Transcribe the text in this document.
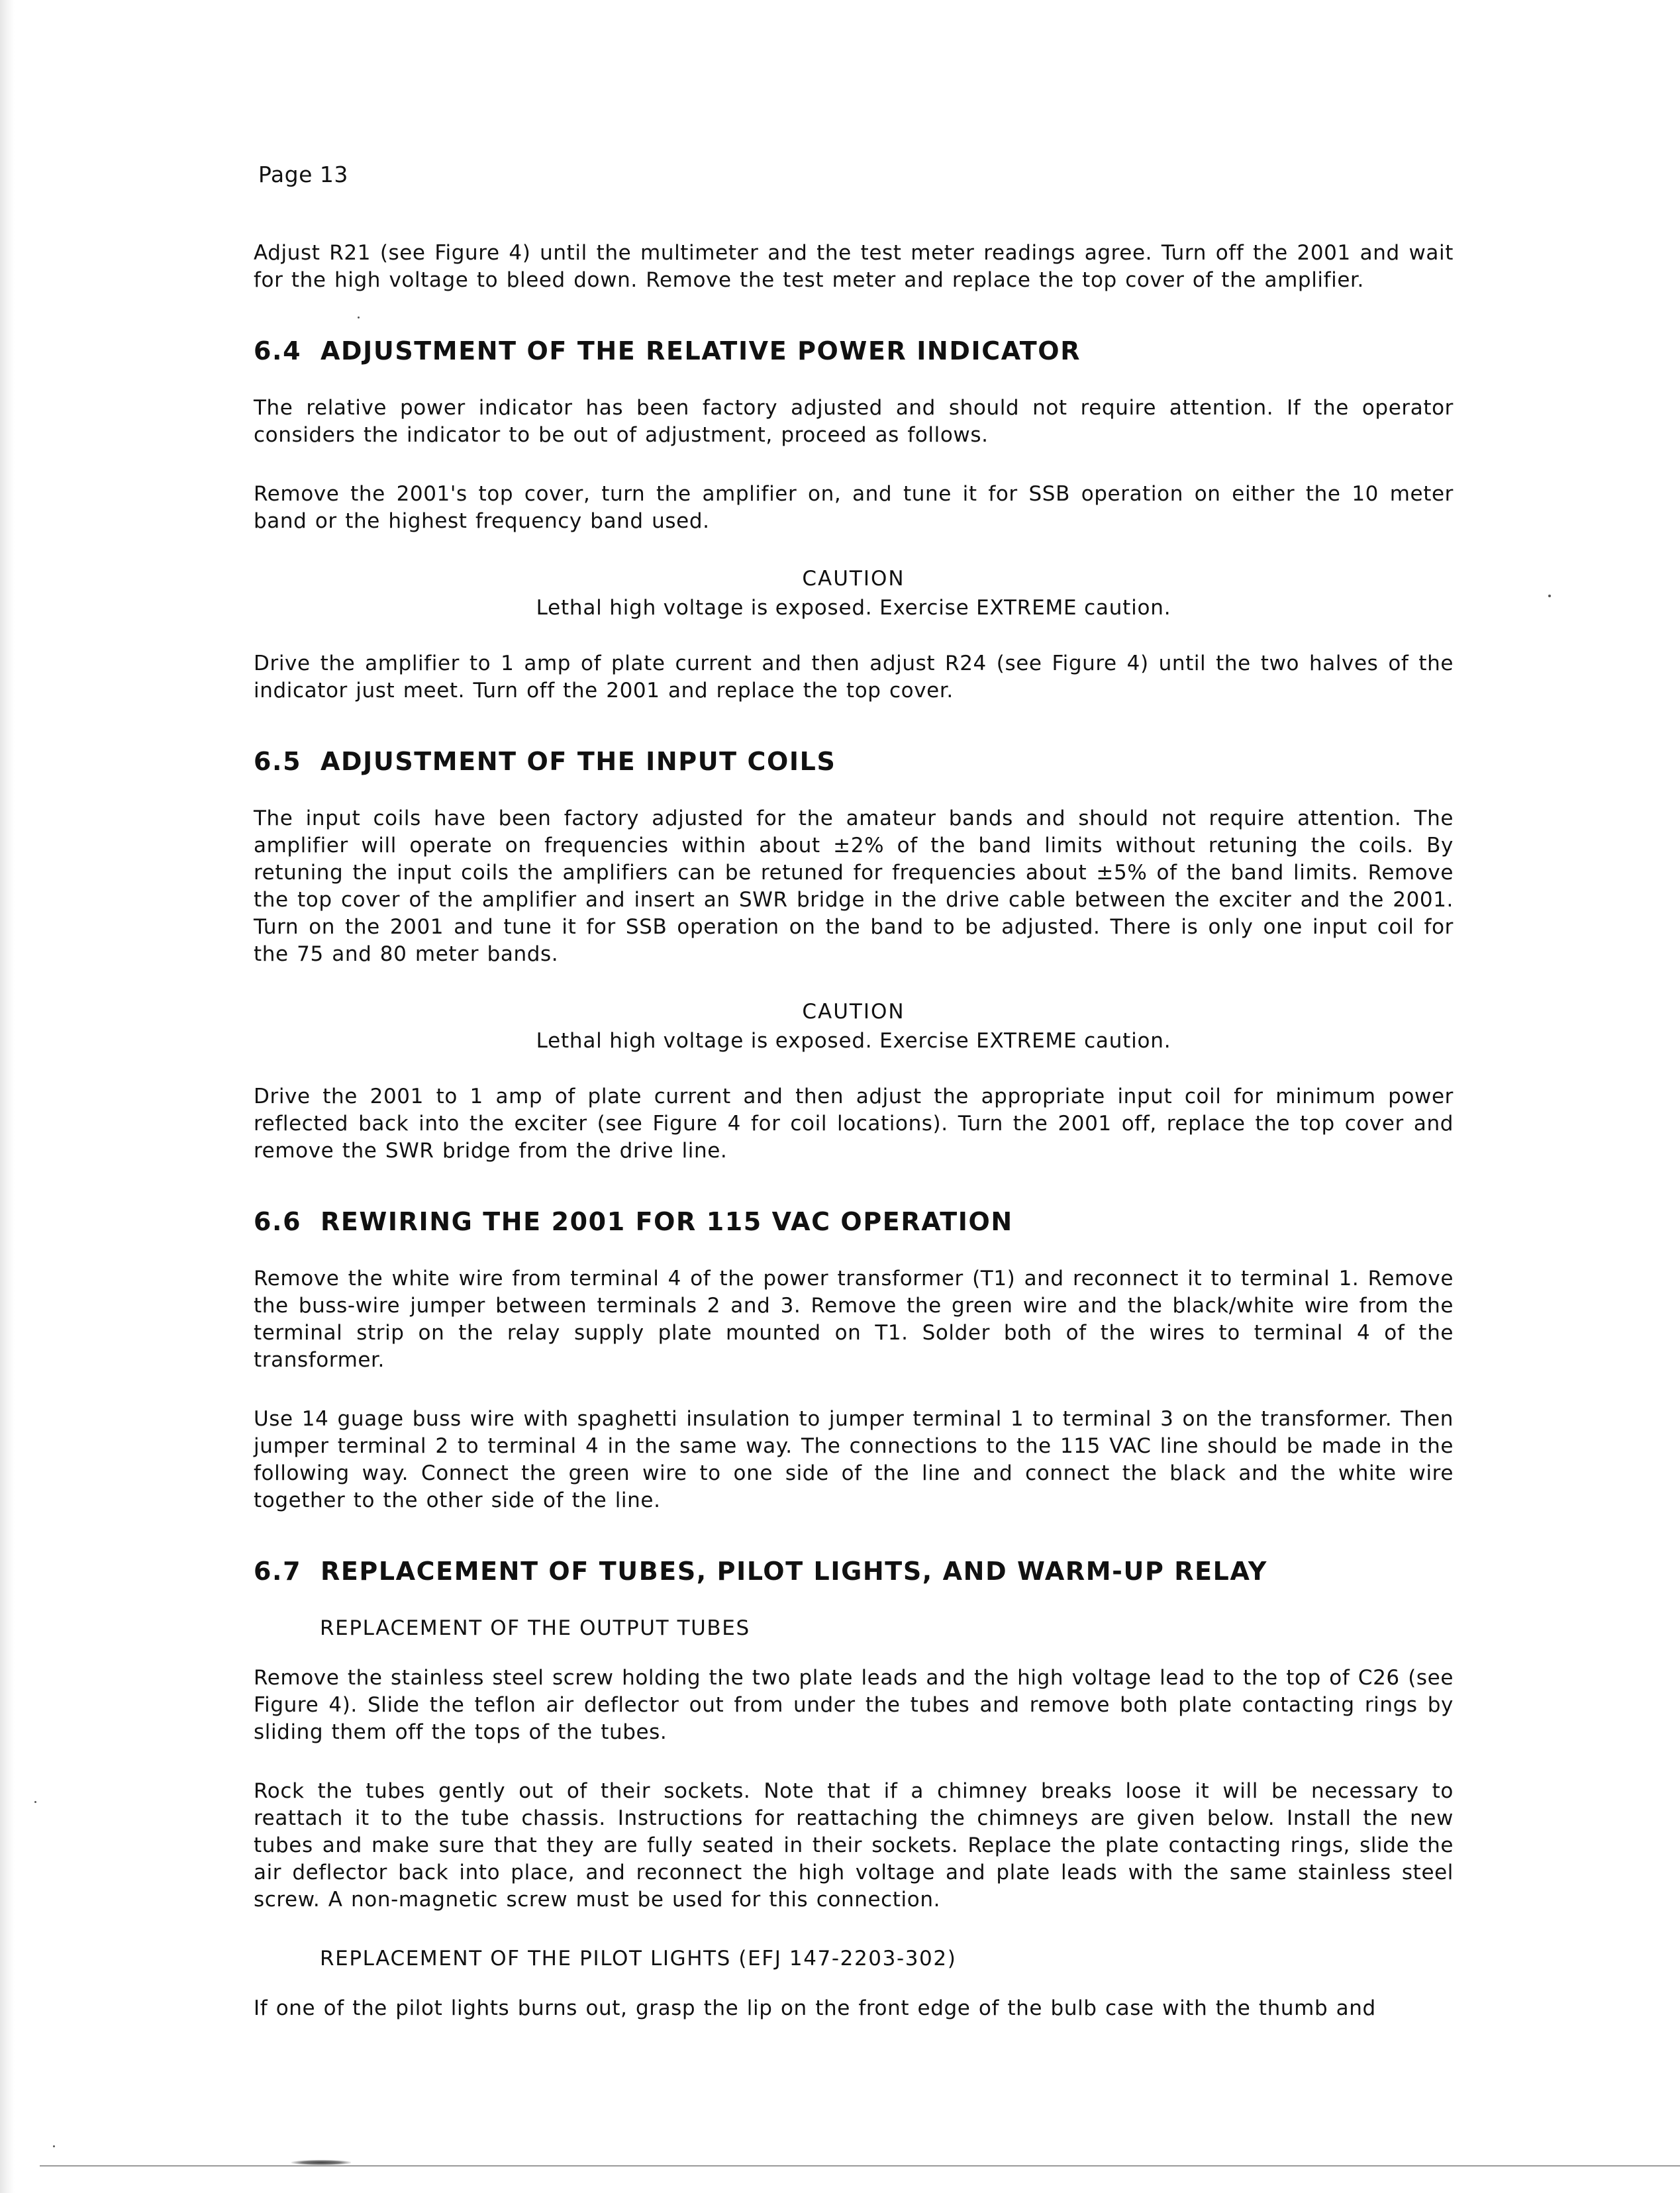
Page 13

Adjust R21 (see Figure 4) until the multimeter and the test meter readings agree. Turn off the 2001 and wait for the high voltage to bleed down. Remove the test meter and replace the top cover of the amplifier.

6.4 ADJUSTMENT OF THE RELATIVE POWER INDICATOR

The relative power indicator has been factory adjusted and should not require attention. If the operator considers the indicator to be out of adjustment, proceed as follows.

Remove the 2001's top cover, turn the amplifier on, and tune it for SSB operation on either the 10 meter band or the highest frequency band used.

CAUTION
Lethal high voltage is exposed. Exercise EXTREME caution.

Drive the amplifier to 1 amp of plate current and then adjust R24 (see Figure 4) until the two halves of the indicator just meet. Turn off the 2001 and replace the top cover.

6.5 ADJUSTMENT OF THE INPUT COILS

The input coils have been factory adjusted for the amateur bands and should not require attention. The amplifier will operate on frequencies within about ±2% of the band limits without retuning the coils. By retuning the input coils the amplifiers can be retuned for frequencies about ±5% of the band limits. Remove the top cover of the amplifier and insert an SWR bridge in the drive cable between the exciter and the 2001. Turn on the 2001 and tune it for SSB operation on the band to be adjusted. There is only one input coil for the 75 and 80 meter bands.

CAUTION
Lethal high voltage is exposed. Exercise EXTREME caution.

Drive the 2001 to 1 amp of plate current and then adjust the appropriate input coil for minimum power reflected back into the exciter (see Figure 4 for coil locations). Turn the 2001 off, replace the top cover and remove the SWR bridge from the drive line.

6.6 REWIRING THE 2001 FOR 115 VAC OPERATION

Remove the white wire from terminal 4 of the power transformer (T1) and reconnect it to terminal 1. Remove the buss-wire jumper between terminals 2 and 3. Remove the green wire and the black/white wire from the terminal strip on the relay supply plate mounted on T1. Solder both of the wires to terminal 4 of the transformer.

Use 14 guage buss wire with spaghetti insulation to jumper terminal 1 to terminal 3 on the transformer. Then jumper terminal 2 to terminal 4 in the same way. The connections to the 115 VAC line should be made in the following way. Connect the green wire to one side of the line and connect the black and the white wire together to the other side of the line.

6.7 REPLACEMENT OF TUBES, PILOT LIGHTS, AND WARM-UP RELAY
REPLACEMENT OF THE OUTPUT TUBES

Remove the stainless steel screw holding the two plate leads and the high voltage lead to the top of C26 (see Figure 4). Slide the teflon air deflector out from under the tubes and remove both plate contacting rings by sliding them off the tops of the tubes.

Rock the tubes gently out of their sockets. Note that if a chimney breaks loose it will be necessary to reattach it to the tube chassis. Instructions for reattaching the chimneys are given below. Install the new tubes and make sure that they are fully seated in their sockets. Replace the plate contacting rings, slide the air deflector back into place, and reconnect the high voltage and plate leads with the same stainless steel screw. A non-magnetic screw must be used for this connection.

REPLACEMENT OF THE PILOT LIGHTS (EFJ 147-2203-302)

If one of the pilot lights burns out, grasp the lip on the front edge of the bulb case with the thumb and
